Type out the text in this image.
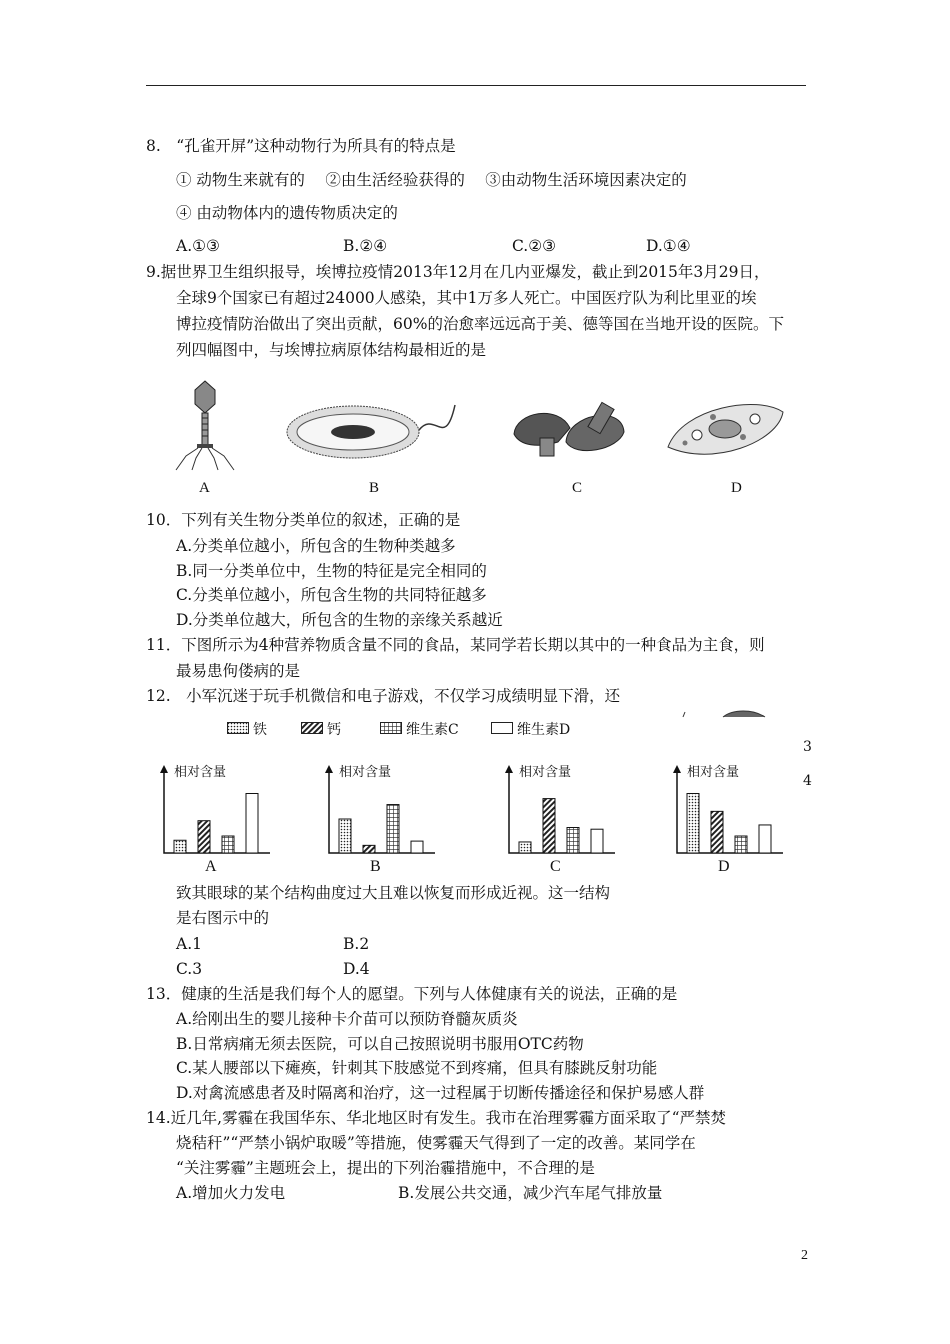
8.　“孔雀开屏”这种动物行为所具有的特点是
① 动物生来就有的　 ②由生活经验获得的　 ③由动物生活环境因素决定的
④ 由动物体内的遗传物质决定的
A.①③	B.②④	C.②③	D.①④
9.据世界卫生组织报导，埃博拉疫情2013年12月在几内亚爆发，截止到2015年3月29日，
全球9个国家已有超过24000人感染，其中1万多人死亡。中国医疗队为利比里亚的埃
博拉疫情防治做出了突出贡献，60%的治愈率远远高于美、德等国在当地开设的医院。下
列四幅图中，与埃博拉病原体结构最相近的是
A	B	C	D
10．下列有关生物分类单位的叙述，正确的是
A.分类单位越小，所包含的生物种类越多
B.同一分类单位中，生物的特征是完全相同的
C.分类单位越小，所包含生物的共同特征越多
D.分类单位越大，所包含的生物的亲缘关系越近
11．下图所示为4种营养物质含量不同的食品，某同学若长期以其中的一种食品为主食，则
最易患佝偻病的是
12.　小军沉迷于玩手机微信和电子游戏，不仅学习成绩明显下滑，还
铁	钙	维生素C	维生素D
3
4
相对含量
A
相对含量
B
相对含量
C
相对含量
D
致其眼球的某个结构曲度过大且难以恢复而形成近视。这一结构
是右图示中的
A.1	B.2
C.3	D.4
13．健康的生活是我们每个人的愿望。下列与人体健康有关的说法，正确的是
A.给刚出生的婴儿接种卡介苗可以预防脊髓灰质炎
B.日常病痛无须去医院，可以自己按照说明书服用OTC药物
C.某人腰部以下瘫痪，针刺其下肢感觉不到疼痛，但具有膝跳反射功能
D.对禽流感患者及时隔离和治疗，这一过程属于切断传播途径和保护易感人群
14.近几年,雾霾在我国华东、华北地区时有发生。我市在治理雾霾方面采取了“严禁焚
烧秸秆”“严禁小锅炉取暖”等措施，使雾霾天气得到了一定的改善。某同学在
“关注雾霾”主题班会上，提出的下列治霾措施中，不合理的是
A.增加火力发电	B.发展公共交通，减少汽车尾气排放量
2
